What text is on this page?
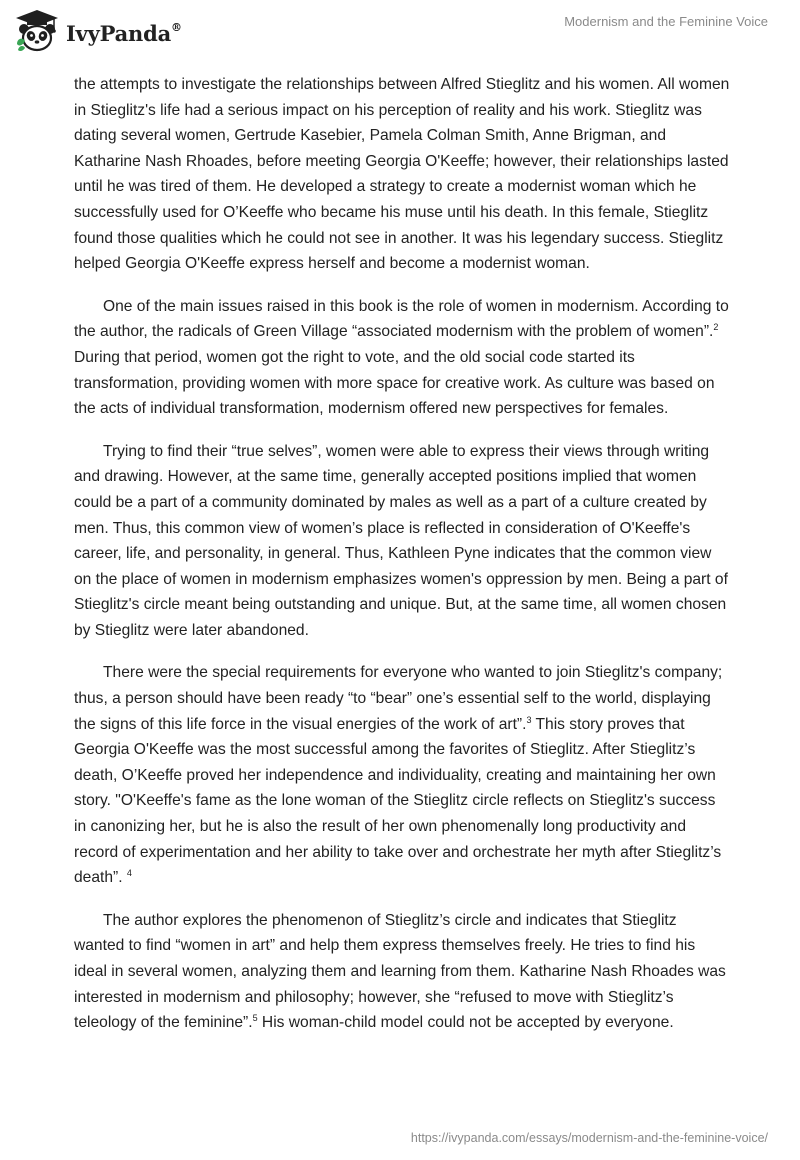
IvyPanda®	Modernism and the Feminine Voice

the attempts to investigate the relationships between Alfred Stieglitz and his women. All women in Stieglitz's life had a serious impact on his perception of reality and his work. Stieglitz was dating several women, Gertrude Kasebier, Pamela Colman Smith, Anne Brigman, and Katharine Nash Rhoades, before meeting Georgia O'Keeffe; however, their relationships lasted until he was tired of them. He developed a strategy to create a modernist woman which he successfully used for O’Keeffe who became his muse until his death. In this female, Stieglitz found those qualities which he could not see in another. It was his legendary success. Stieglitz helped Georgia O'Keeffe express herself and become a modernist woman.

One of the main issues raised in this book is the role of women in modernism. According to the author, the radicals of Green Village “associated modernism with the problem of women”.$^2$ During that period, women got the right to vote, and the old social code started its transformation, providing women with more space for creative work. As culture was based on the acts of individual transformation, modernism offered new perspectives for females.

Trying to find their “true selves”, women were able to express their views through writing and drawing. However, at the same time, generally accepted positions implied that women could be a part of a community dominated by males as well as a part of a culture created by men. Thus, this common view of women’s place is reflected in consideration of O'Keeffe's career, life, and personality, in general. Thus, Kathleen Pyne indicates that the common view on the place of women in modernism emphasizes women's oppression by men. Being a part of Stieglitz's circle meant being outstanding and unique. But, at the same time, all women chosen by Stieglitz were later abandoned.

There were the special requirements for everyone who wanted to join Stieglitz's company; thus, a person should have been ready “to “bear” one’s essential self to the world, displaying the signs of this life force in the visual energies of the work of art”.$^3$ This story proves that Georgia O'Keeffe was the most successful among the favorites of Stieglitz. After Stieglitz’s death, O’Keeffe proved her independence and individuality, creating and maintaining her own story. "O'Keeffe's fame as the lone woman of the Stieglitz circle reflects on Stieglitz's success in canonizing her, but he is also the result of her own phenomenally long productivity and record of experimentation and her ability to take over and orchestrate her myth after Stieglitz’s death”. $^4$

The author explores the phenomenon of Stieglitz’s circle and indicates that Stieglitz wanted to find “women in art” and help them express themselves freely. He tries to find his ideal in several women, analyzing them and learning from them. Katharine Nash Rhoades was interested in modernism and philosophy; however, she “refused to move with Stieglitz’s teleology of the feminine”.$^5$ His woman-child model could not be accepted by everyone.

https://ivypanda.com/essays/modernism-and-the-feminine-voice/
